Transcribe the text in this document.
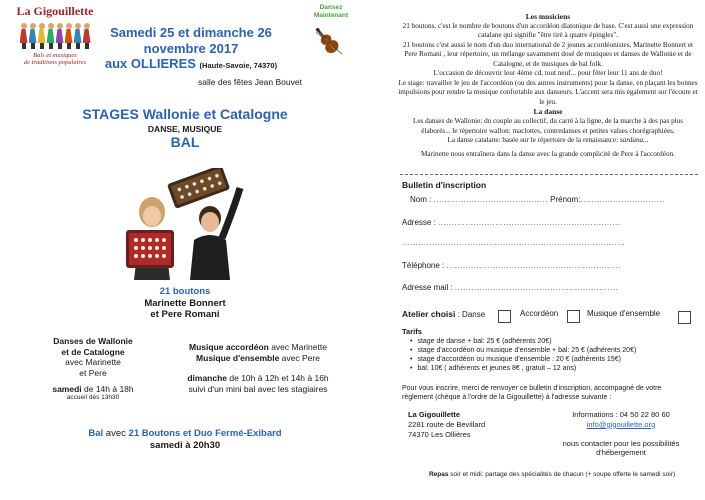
La Gigouillette
Bals et musiques
de traditions populaires
Samedi 25 et dimanche 26
novembre 2017
aux OLLIERES (Haute-Savoie, 74370)
salle des fêtes Jean Bouvet
Dansez
Maintenant
STAGES Wallonie et Catalogne
DANSE, MUSIQUE
BAL
21 boutons
Marinette Bonnert
et Pere Romani
Danses de Wallonie
et de Catalogne
avec Marinette
et Pere
samedi de 14h à 18h
accueil dès 13h30
Musique accordéon avec Marinette
Musique d'ensemble avec Pere
dimanche de 10h à 12h et 14h à 16h
suivi d'un mini bal avec les stagiaires
Bal avec 21 Boutons et Duo Fermé-Exibard
samedi à 20h30
Les musiciens
21 boutons, c'est le nombre de boutons d'un accordéon diatonique de base. C'est aussi une expression catalane qui signifie "être tiré à quatre épingles".
21 boutons c'est aussi le nom d'un duo international de 2 jeunes accordéonistes, Marinette Bonnert et Pere Romani , leur répertoire, un mélange savamment dosé de musiques et danses de Wallonie et de Catalogne, et de musiques de bal folk.
L'occasion de découvrir leur 4ème cd, tout neuf... pour fêter leur 11 ans de duo!
Le stage: travailler le jeu de l'accordéon (ou des autres instruments) pour la danse, en plaçant les bonnes impulsions pour rendre la musique confortable aux danseurs. L'accent sera mis également sur l'écoute et le jeu.
La danse
Les danses de Wallonie: du couple au collectif, du carré à la ligne, de la marche à des pas plus élaborés... le répertoire wallon: maclottes, contredanses et petites valses chorégraphiées.
La danse catalane: basée sur le répertoire de la renaissance: sardana...
Marinette nous entraînera dans la danse avec la grande complicité de Pere à l'accordéon.
Bulletin d'inscription
Nom : .......................................... Prénom:...............................
Adresse : ...................................................................
..................................................................................
Téléphone : ................................................................
Adresse mail : ............................................................
Atelier choisi : Danse	Accordéon	Musique d'ensemble
Tarifs
• stage de danse + bal: 25 € (adhérents 20€)
• stage d'accordéon ou musique d'ensemble + bal: 25 € (adhérents 20€)
• stage d'accordéon ou musique d'ensemble : 20 € (adhérents 15€)
• bal: 10€ ( adhérents et jeunes 8€ , gratuit – 12 ans)
Pour vous inscrire, merci de renvoyer ce bulletin d'inscription, accompagné de votre
règlement (chèque à l'ordre de la Gigouillette) à l'adresse suivante :
La Gigouillette
2281 route de Bevillard
74370 Les Ollières
Informations : 04 50 22 80 60
info@gigouillette.org
nous contacter pour les possibilités
d'hébergement
Repas soir et midi: partage des spécialités de chacun (+ soupe offerte le samedi soir)
